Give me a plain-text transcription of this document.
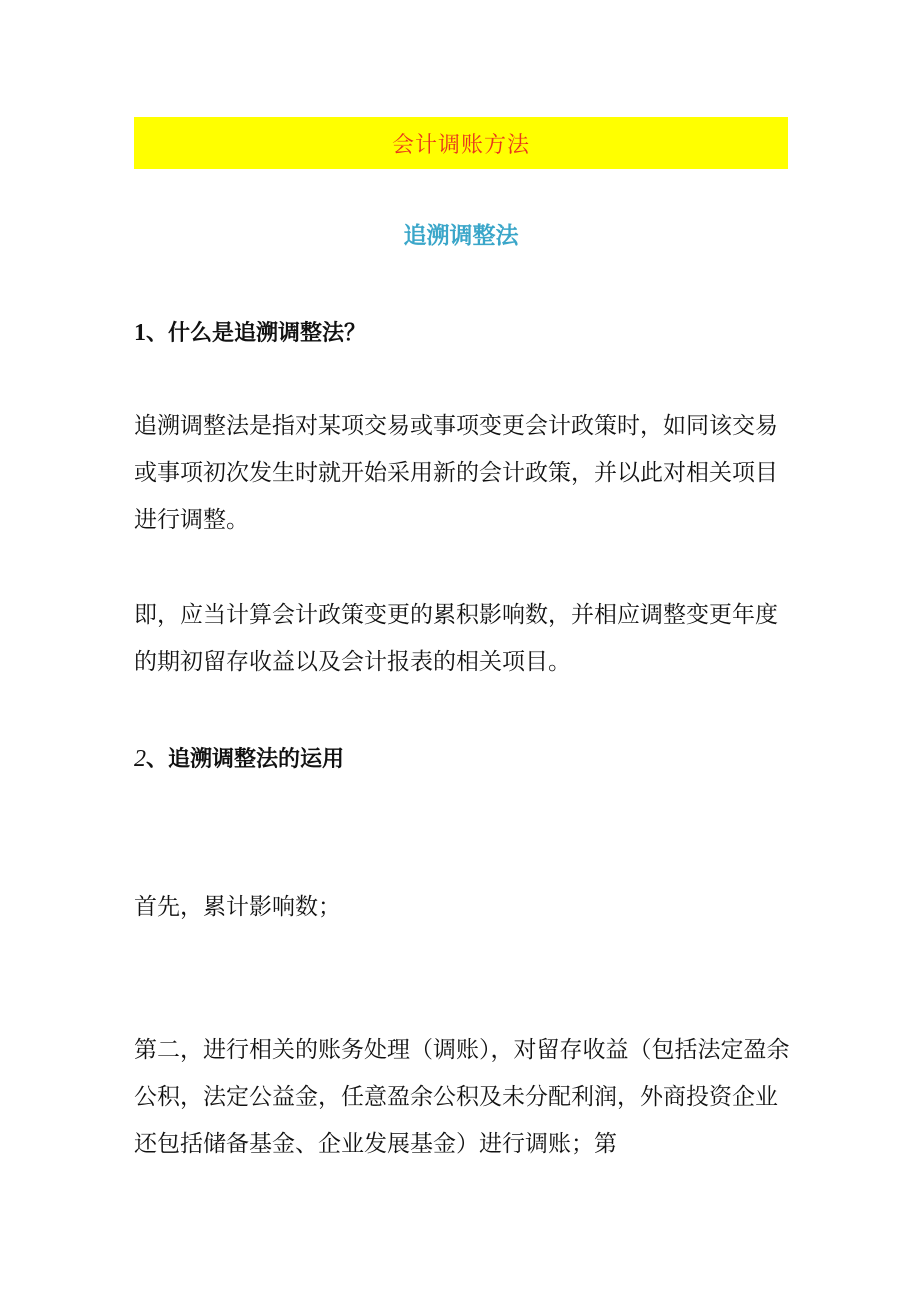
会计调账方法
追溯调整法
1、什么是追溯调整法？

追溯调整法是指对某项交易或事项变更会计政策时，如同该交易或事项初次发生时就开始采用新的会计政策，并以此对相关项目进行调整。

即，应当计算会计政策变更的累积影响数，并相应调整变更年度的期初留存收益以及会计报表的相关项目。

2、追溯调整法的运用

首先，累计影响数；

第二，进行相关的账务处理（调账），对留存收益（包括法定盈余公积，法定公益金，任意盈余公积及未分配利润，外商投资企业还包括储备基金、企业发展基金）进行调账；第
